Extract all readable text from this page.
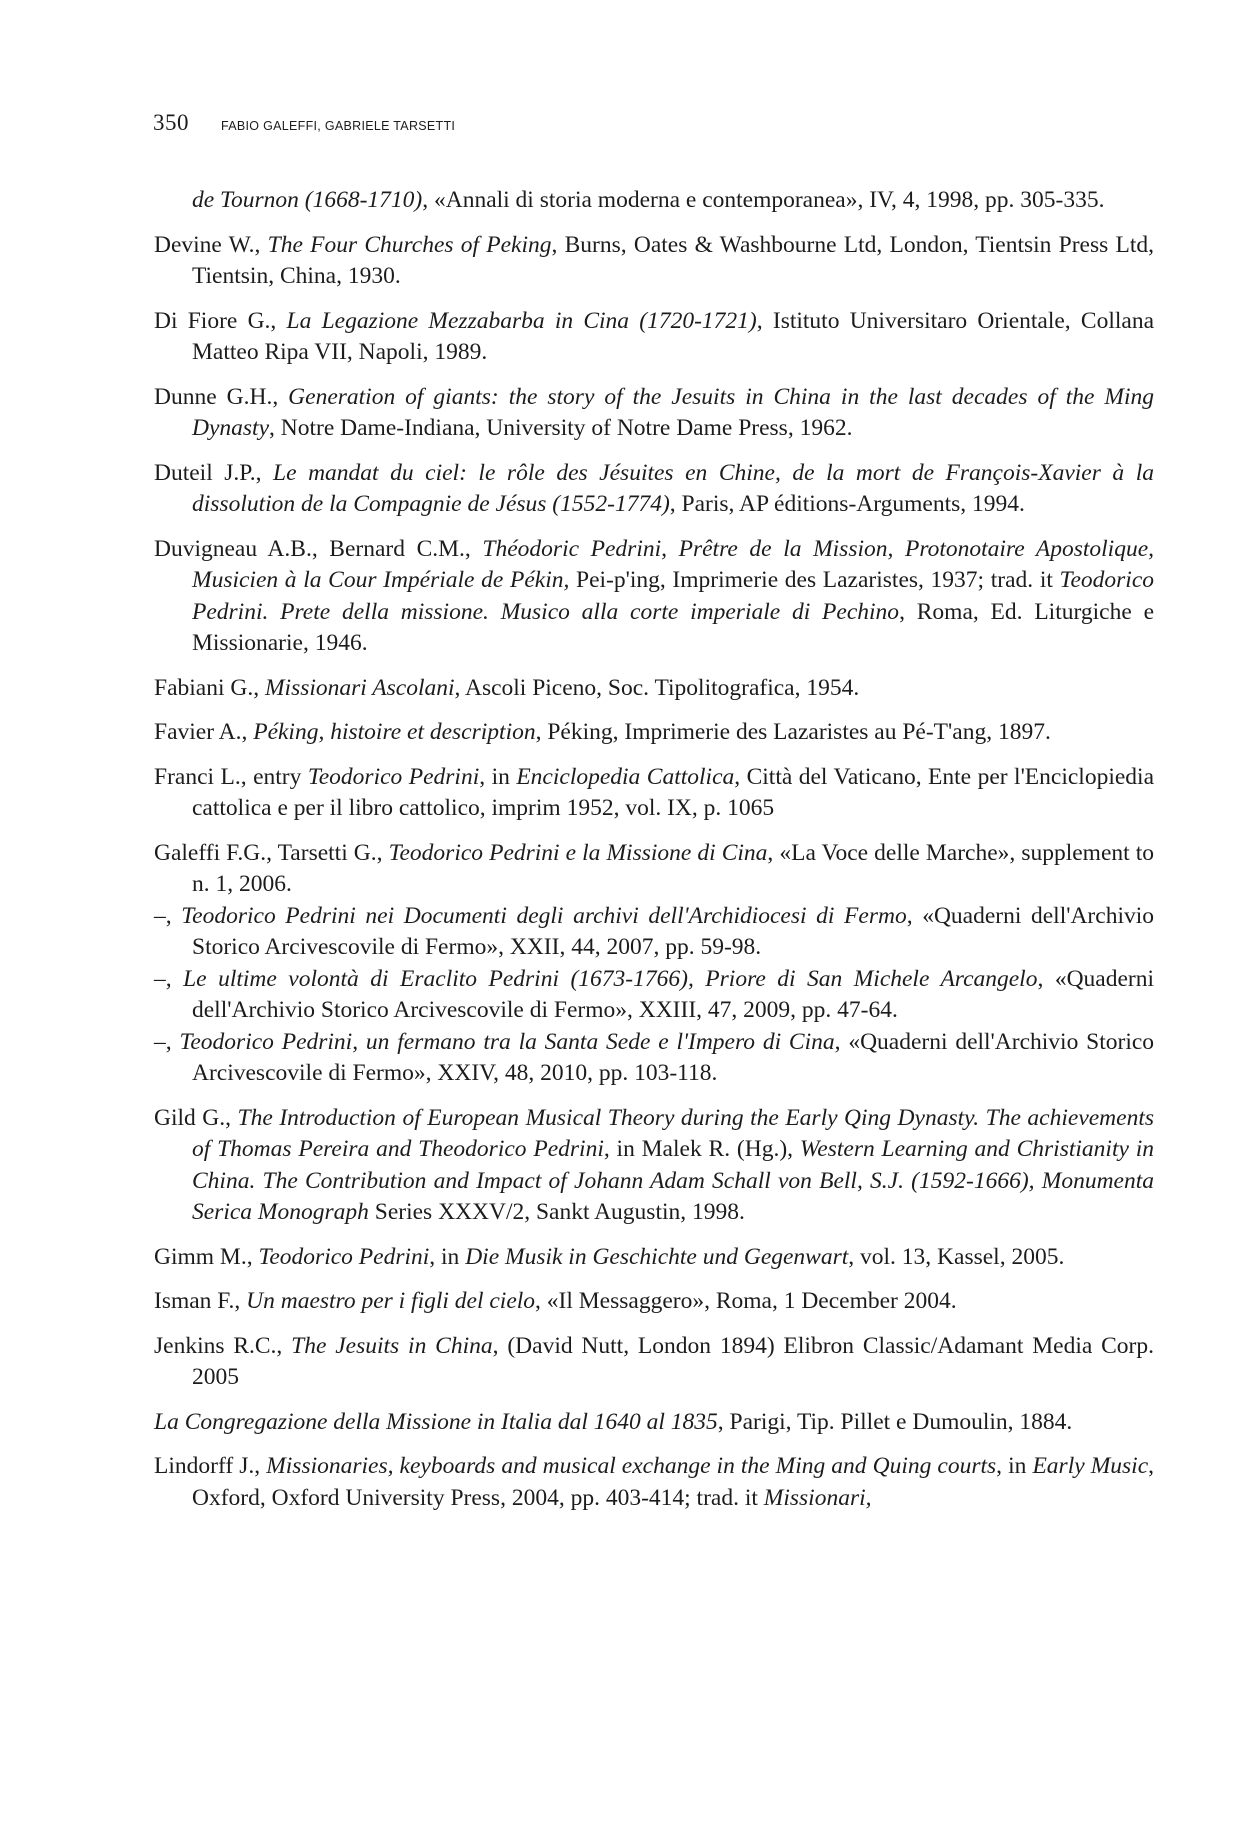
350	FABIO GALEFFI, GABRIELE TARSETTI

de Tournon (1668-1710), «Annali di storia moderna e contemporanea», IV, 4, 1998, pp. 305-335.

Devine W., The Four Churches of Peking, Burns, Oates & Washbourne Ltd, London, Tientsin Press Ltd, Tientsin, China, 1930.

Di Fiore G., La Legazione Mezzabarba in Cina (1720-1721), Istituto Universitaro Orientale, Collana Matteo Ripa VII, Napoli, 1989.

Dunne G.H., Generation of giants: the story of the Jesuits in China in the last decades of the Ming Dynasty, Notre Dame-Indiana, University of Notre Dame Press, 1962.

Duteil J.P., Le mandat du ciel: le rôle des Jésuites en Chine, de la mort de François-Xavier à la dissolution de la Compagnie de Jésus (1552-1774), Paris, AP éditions-Arguments, 1994.

Duvigneau A.B., Bernard C.M., Théodoric Pedrini, Prêtre de la Mission, Protonotaire Apostolique, Musicien à la Cour Impériale de Pékin, Pei-p'ing, Imprimerie des Lazaristes, 1937; trad. it Teodorico Pedrini. Prete della missione. Musico alla corte imperiale di Pechino, Roma, Ed. Liturgiche e Missionarie, 1946.

Fabiani G., Missionari Ascolani, Ascoli Piceno, Soc. Tipolitografica, 1954.

Favier A., Péking, histoire et description, Péking, Imprimerie des Lazaristes au Pé-T'ang, 1897.

Franci L., entry Teodorico Pedrini, in Enciclopedia Cattolica, Città del Vaticano, Ente per l'Enciclopiedia cattolica e per il libro cattolico, imprim 1952, vol. IX, p. 1065

Galeffi F.G., Tarsetti G., Teodorico Pedrini e la Missione di Cina, «La Voce delle Marche», supplement to n. 1, 2006.

–, Teodorico Pedrini nei Documenti degli archivi dell'Archidiocesi di Fermo, «Quaderni dell'Archivio Storico Arcivescovile di Fermo», XXII, 44, 2007, pp. 59-98.

–, Le ultime volontà di Eraclito Pedrini (1673-1766), Priore di San Michele Arcangelo, «Quaderni dell'Archivio Storico Arcivescovile di Fermo», XXIII, 47, 2009, pp. 47-64.

–, Teodorico Pedrini, un fermano tra la Santa Sede e l'Impero di Cina, «Quaderni dell'Archivio Storico Arcivescovile di Fermo», XXIV, 48, 2010, pp. 103-118.

Gild G., The Introduction of European Musical Theory during the Early Qing Dynasty. The achievements of Thomas Pereira and Theodorico Pedrini, in Malek R. (Hg.), Western Learning and Christianity in China. The Contribution and Impact of Johann Adam Schall von Bell, S.J. (1592-1666), Monumenta Serica Monograph Series XXXV/2, Sankt Augustin, 1998.

Gimm M., Teodorico Pedrini, in Die Musik in Geschichte und Gegenwart, vol. 13, Kassel, 2005.

Isman F., Un maestro per i figli del cielo, «Il Messaggero», Roma, 1 December 2004.

Jenkins R.C., The Jesuits in China, (David Nutt, London 1894) Elibron Classic/Adamant Media Corp. 2005

La Congregazione della Missione in Italia dal 1640 al 1835, Parigi, Tip. Pillet e Dumoulin, 1884.

Lindorff J., Missionaries, keyboards and musical exchange in the Ming and Quing courts, in Early Music, Oxford, Oxford University Press, 2004, pp. 403-414; trad. it Missionari,
